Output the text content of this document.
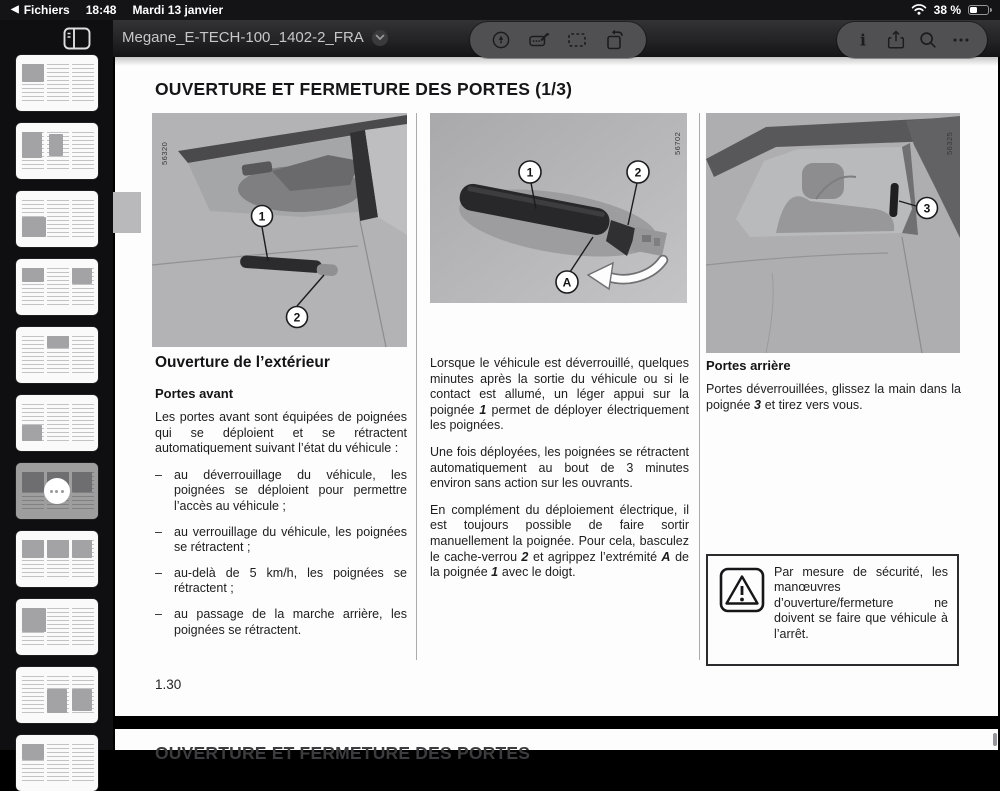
◀ Fichiers 18:48 Mardi 13 janvier	38 %
Megane_E-TECH-100_1402-2_FRA	i
OUVERTURE ET FERMETURE DES PORTES (1/3)
1
2
56320
1	2
A
56702
3
56325
Ouverture de l’extérieur
Portes avant

Les portes avant sont équipées de poignées qui se déploient et se rétractent automatiquement suivant l’état du véhicule :

– au déverrouillage du véhicule, les poignées se déploient pour permettre l’accès au véhicule ;
– au verrouillage du véhicule, les poignées se rétractent ;
– au-delà de 5 km/h, les poignées se rétractent ;
– au passage de la marche arrière, les poignées se rétractent.

Lorsque le véhicule est déverrouillé, quelques minutes après la sortie du véhicule ou si le contact est allumé, un léger appui sur la poignée 1 permet de déployer électriquement les poignées.

Une fois déployées, les poignées se rétractent automatiquement au bout de 3 minutes environ sans action sur les ouvrants.

En complément du déploiement électrique, il est toujours possible de faire sortir manuellement la poignée. Pour cela, basculez le cache-verrou 2 et agrippez l’extrémité A de la poignée 1 avec le doigt.

Portes arrière

Portes déverrouillées, glissez la main dans la poignée 3 et tirez vers vous.

Par mesure de sécurité, les manœuvres d’ouverture/fermeture ne doivent se faire que véhicule à l’arrêt.
1.30
OUVERTURE ET FERMETURE DES PORTES
